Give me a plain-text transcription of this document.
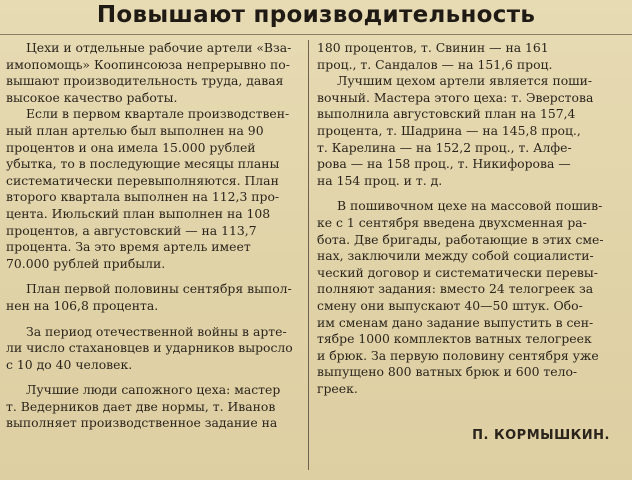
Повышают производительность
Цехи и отдельные рабочие артели «Вза-
имопомощь» Коопинсоюза непрерывно по-
вышают производительность труда, давая
высокое качество работы.
Если в первом квартале производствен-
ный план артелью был выполнен на 90
процентов и она имела 15.000 рублей
убытка, то в последующие месяцы планы
систематически перевыполняются. План
второго квартала выполнен на 112,3 про-
цента. Июльский план выполнен на 108
процентов, а августовский — на 113,7
процента. За это время артель имеет
70.000 рублей прибыли.
План первой половины сентября выпол-
нен на 106,8 процента.
За период отечественной войны в арте-
ли число стахановцев и ударников выросло
с 10 до 40 человек.
Лучшие люди сапожного цеха: мастер
т. Ведерников дает две нормы, т. Иванов
выполняет производственное задание на
180 процентов, т. Свинин — на 161
проц., т. Сандалов — на 151,6 проц.
Лучшим цехом артели является поши-
вочный. Мастера этого цеха: т. Эверстова
выполнила августовский план на 157,4
процента, т. Шадрина — на 145,8 проц.,
т. Карелина — на 152,2 проц., т. Алфе-
рова — на 158 проц., т. Никифорова —
на 154 проц. и т. д.
В пошивочном цехе на массовой пошив-
ке с 1 сентября введена двухсменная ра-
бота. Две бригады, работающие в этих сме-
нах, заключили между собой социалисти-
ческий договор и систематически перевы-
полняют задания: вместо 24 телогреек за
смену они выпускают 40—50 штук. Обо-
им сменам дано задание выпустить в сен-
тябре 1000 комплектов ватных телогреек
и брюк. За первую половину сентября уже
выпущено 800 ватных брюк и 600 тело-
греек.
П. КОРМЫШКИН.
